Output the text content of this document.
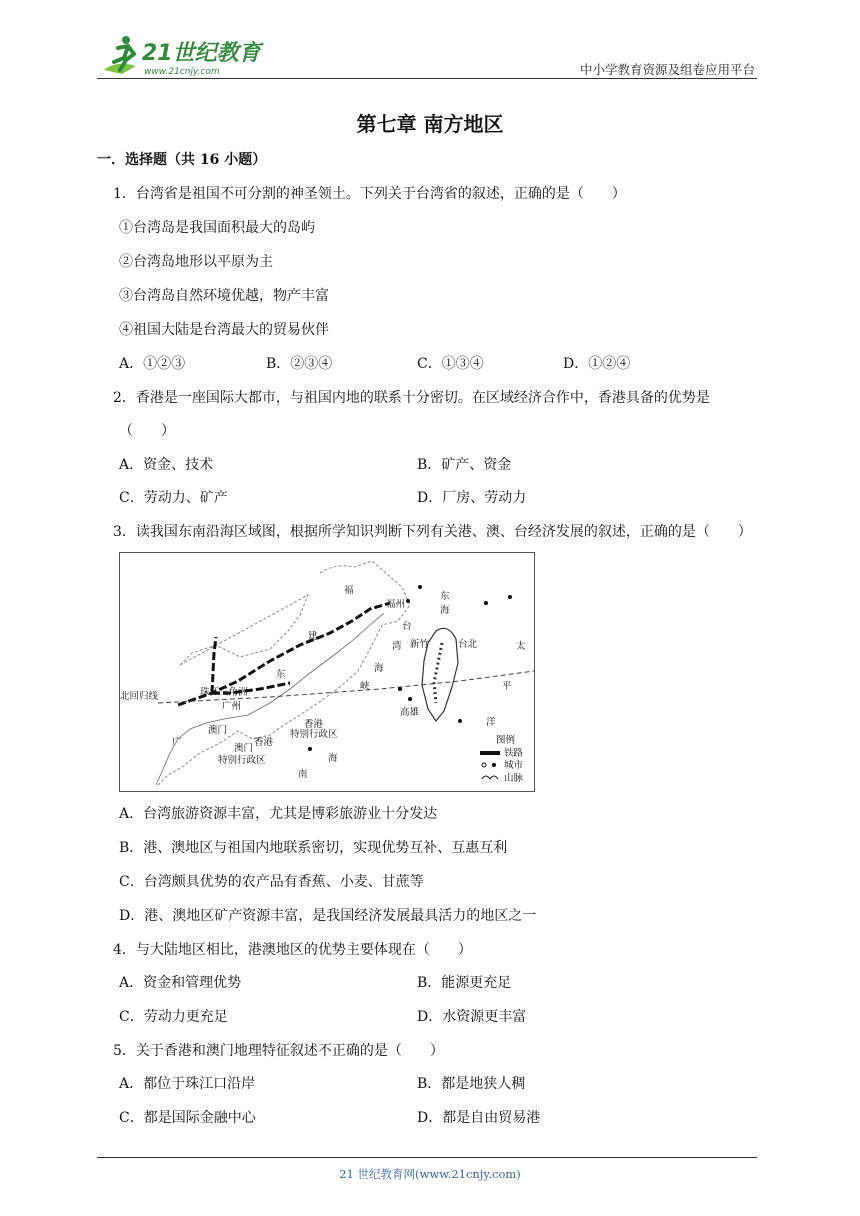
21世纪教育
www.21cnjy.com	中小学教育资源及组卷应用平台
第七章 南方地区
一．选择题（共 16 小题）
1．台湾省是祖国不可分割的神圣领土。下列关于台湾省的叙述，正确的是（　　）
①台湾岛是我国面积最大的岛屿
②台湾岛地形以平原为主
③台湾岛自然环境优越，物产丰富
④祖国大陆是台湾最大的贸易伙伴
A．①②③	B．②③④	C．①③④	D．①②④
2．香港是一座国际大都市，与祖国内地的联系十分密切。在区域经济合作中，香港具备的优势是
（　　）
A．资金、技术	B．矿产、资金
C．劳动力、矿产	D．厂房、劳动力
3．读我国东南沿海区域图，根据所学知识判断下列有关港、澳、台经济发展的叙述，正确的是（　　）
福
福州
建
东
台
湾
海
峡
新竹	台北
东
海
太
平
洋
高雄
北回归线	珠江三角洲
广州
澳门
香港
香港
特别行政区
澳门
特别行政区
广
南
海
图例
铁路
城市
山脉
A．台湾旅游资源丰富，尤其是博彩旅游业十分发达
B．港、澳地区与祖国内地联系密切，实现优势互补、互惠互利
C．台湾颇具优势的农产品有香蕉、小麦、甘蔗等
D．港、澳地区矿产资源丰富，是我国经济发展最具活力的地区之一
4．与大陆地区相比，港澳地区的优势主要体现在（　　）
A．资金和管理优势	B．能源更充足
C．劳动力更充足	D．水资源更丰富
5．关于香港和澳门地理特征叙述不正确的是（　　）
A．都位于珠江口沿岸	B．都是地狭人稠
C．都是国际金融中心	D．都是自由贸易港
21 世纪教育网(www.21cnjy.com)
